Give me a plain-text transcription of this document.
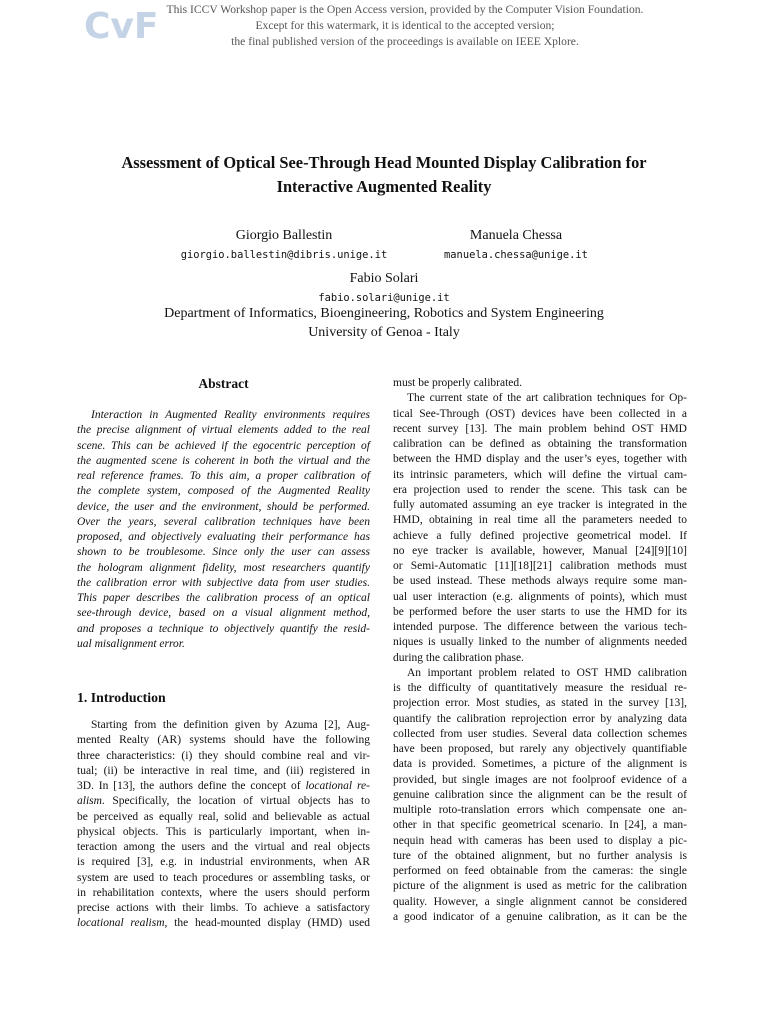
CvF This ICCV Workshop paper is the Open Access version, provided by the Computer Vision Foundation.
Except for this watermark, it is identical to the accepted version;
the final published version of the proceedings is available on IEEE Xplore.
Assessment of Optical See-Through Head Mounted Display Calibration for
Interactive Augmented Reality
Giorgio Ballestin
giorgio.ballestin@dibris.unige.it
Manuela Chessa
manuela.chessa@unige.it
Fabio Solari
fabio.solari@unige.it
Department of Informatics, Bioengineering, Robotics and System Engineering
University of Genoa - Italy
Abstract
Interaction in Augmented Reality environments requires
the precise alignment of virtual elements added to the real
scene. This can be achieved if the egocentric perception of
the augmented scene is coherent in both the virtual and the
real reference frames. To this aim, a proper calibration of
the complete system, composed of the Augmented Reality
device, the user and the environment, should be performed.
Over the years, several calibration techniques have been
proposed, and objectively evaluating their performance has
shown to be troublesome. Since only the user can assess
the hologram alignment fidelity, most researchers quantify
the calibration error with subjective data from user studies.
This paper describes the calibration process of an optical
see-through device, based on a visual alignment method,
and proposes a technique to objectively quantify the resid-
ual misalignment error.
1. Introduction
Starting from the definition given by Azuma [2], Aug-
mented Realty (AR) systems should have the following
three characteristics: (i) they should combine real and vir-
tual; (ii) be interactive in real time, and (iii) registered in
3D. In [13], the authors define the concept of locational re-
alism. Specifically, the location of virtual objects has to
be perceived as equally real, solid and believable as actual
physical objects. This is particularly important, when in-
teraction among the users and the virtual and real objects
is required [3], e.g. in industrial environments, when AR
system are used to teach procedures or assembling tasks, or
in rehabilitation contexts, where the users should perform
precise actions with their limbs. To achieve a satisfactory
locational realism, the head-mounted display (HMD) used
must be properly calibrated.
The current state of the art calibration techniques for Op-
tical See-Through (OST) devices have been collected in a
recent survey [13]. The main problem behind OST HMD
calibration can be defined as obtaining the transformation
between the HMD display and the user’s eyes, together with
its intrinsic parameters, which will define the virtual cam-
era projection used to render the scene. This task can be
fully automated assuming an eye tracker is integrated in the
HMD, obtaining in real time all the parameters needed to
achieve a fully defined projective geometrical model. If
no eye tracker is available, however, Manual [24][9][10]
or Semi-Automatic [11][18][21] calibration methods must
be used instead. These methods always require some man-
ual user interaction (e.g. alignments of points), which must
be performed before the user starts to use the HMD for its
intended purpose. The difference between the various tech-
niques is usually linked to the number of alignments needed
during the calibration phase.
An important problem related to OST HMD calibration
is the difficulty of quantitatively measure the residual re-
projection error. Most studies, as stated in the survey [13],
quantify the calibration reprojection error by analyzing data
collected from user studies. Several data collection schemes
have been proposed, but rarely any objectively quantifiable
data is provided. Sometimes, a picture of the alignment is
provided, but single images are not foolproof evidence of a
genuine calibration since the alignment can be the result of
multiple roto-translation errors which compensate one an-
other in that specific geometrical scenario. In [24], a man-
nequin head with cameras has been used to display a pic-
ture of the obtained alignment, but no further analysis is
performed on feed obtainable from the cameras: the single
picture of the alignment is used as metric for the calibration
quality. However, a single alignment cannot be considered
a good indicator of a genuine calibration, as it can be the
